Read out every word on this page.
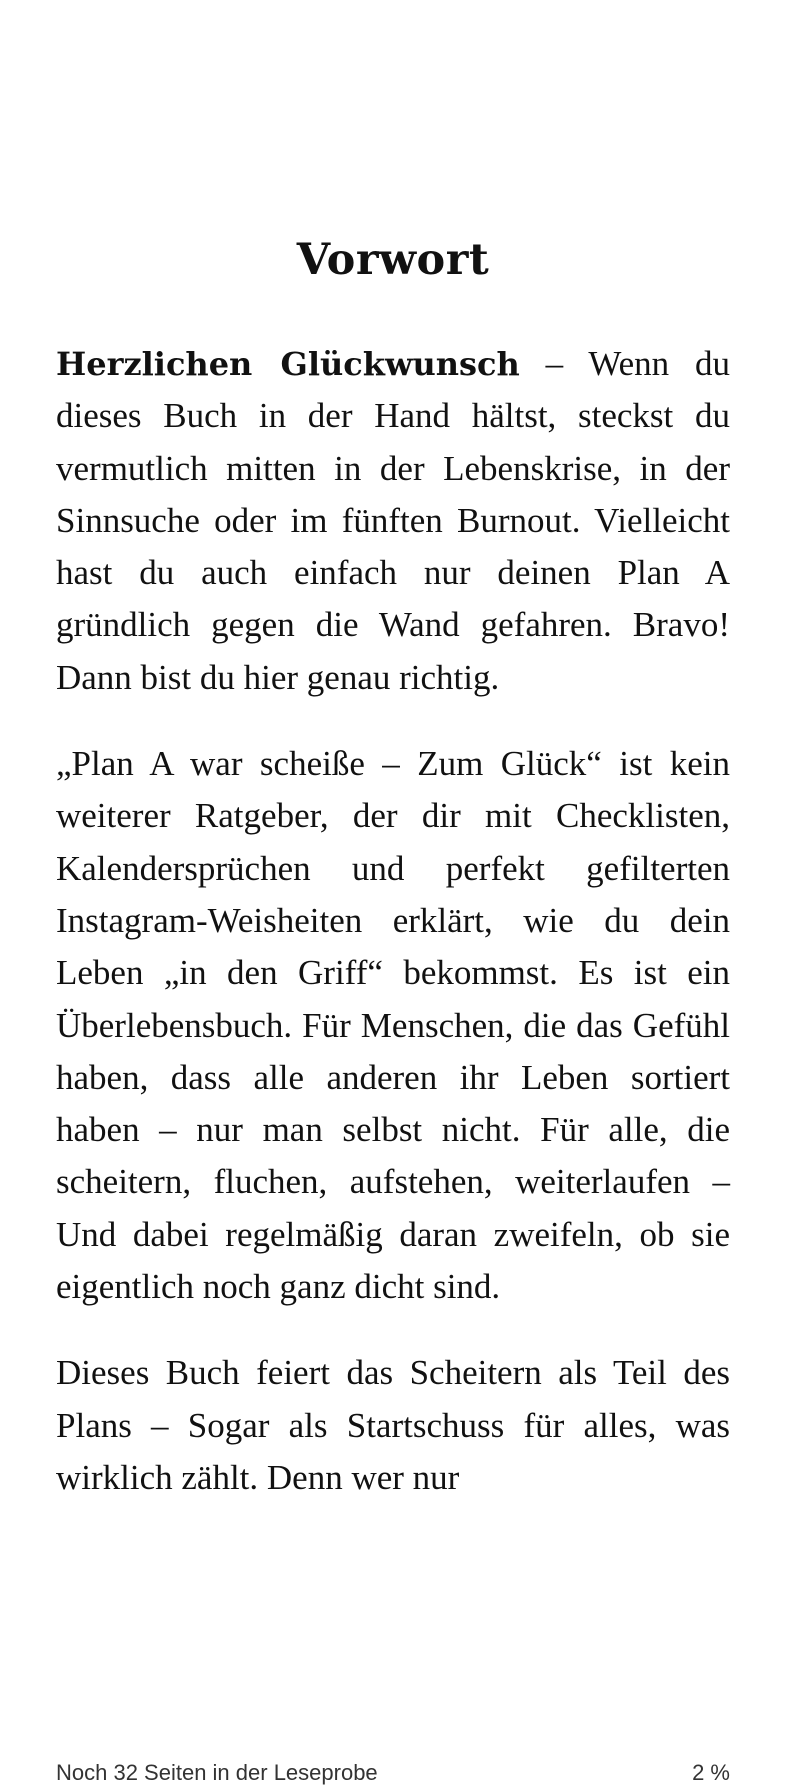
Vorwort

Herzlichen Glückwunsch – Wenn du dieses Buch in der Hand hältst, steckst du vermutlich mitten in der Lebenskrise, in der Sinnsuche oder im fünften Burnout. Vielleicht hast du auch einfach nur deinen Plan A gründlich gegen die Wand gefahren. Bravo! Dann bist du hier genau richtig.

„Plan A war scheiße – Zum Glück“ ist kein weiterer Ratgeber, der dir mit Checklisten, Kalendersprüchen und perfekt gefilterten Instagram-Weisheiten erklärt, wie du dein Leben „in den Griff“ bekommst. Es ist ein Überlebensbuch. Für Menschen, die das Gefühl haben, dass alle anderen ihr Leben sortiert haben – nur man selbst nicht. Für alle, die scheitern, fluchen, aufstehen, weiterlaufen – Und dabei regelmäßig daran zweifeln, ob sie eigentlich noch ganz dicht sind.

Dieses Buch feiert das Scheitern als Teil des Plans – Sogar als Startschuss für alles, was wirklich zählt. Denn wer nur

Noch 32 Seiten in der Leseprobe	2 %
